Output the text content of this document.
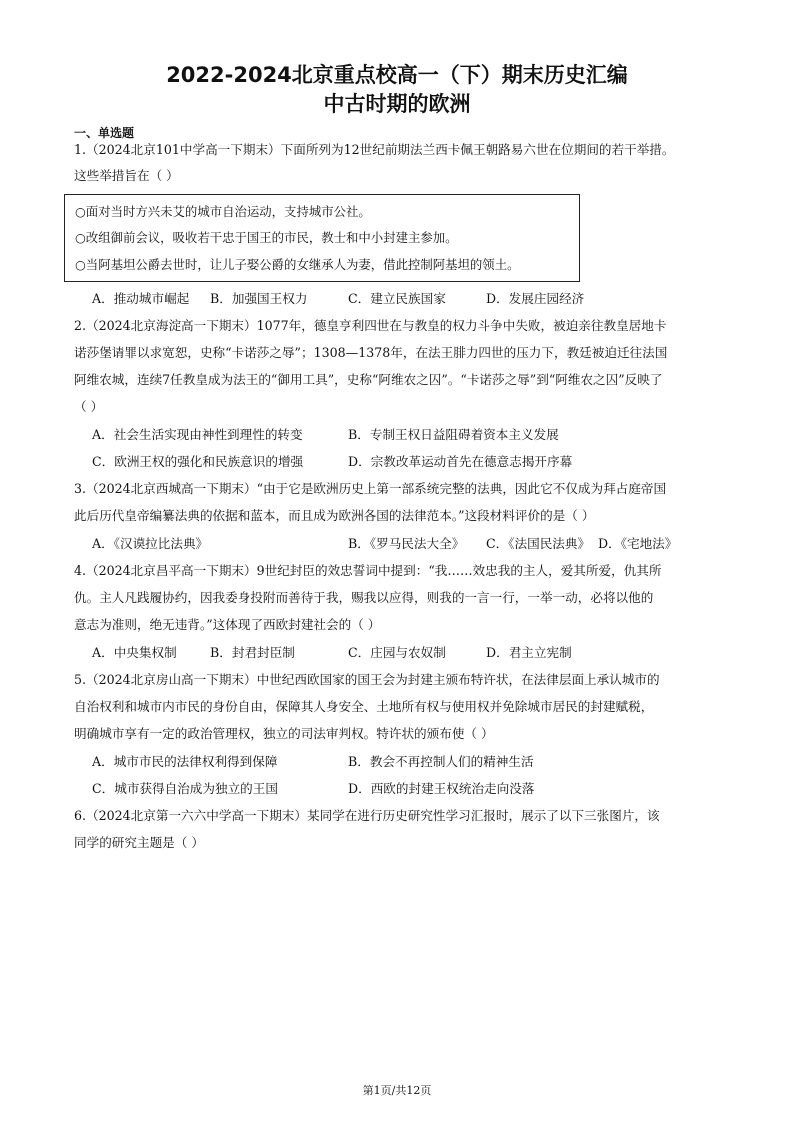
2022-2024北京重点校高一（下）期末历史汇编
中古时期的欧洲
一、单选题
1.（2024北京101中学高一下期末）下面所列为12世纪前期法兰西卡佩王朝路易六世在位期间的若干举措。
这些举措旨在（ ）
○面对当时方兴未艾的城市自治运动，支持城市公社。
○改组御前会议，吸收若干忠于国王的市民，教士和中小封建主参加。
○当阿基坦公爵去世时，让儿子娶公爵的女继承人为妻，借此控制阿基坦的领土。
A．推动城市崛起 B．加强国王权力	C．建立民族国家	D．发展庄园经济
2.（2024北京海淀高一下期末）1077年，德皇亨利四世在与教皇的权力斗争中失败，被迫亲往教皇居地卡
诺莎堡请罪以求宽恕，史称“卡诺莎之辱”；1308—1378年，在法王腓力四世的压力下，教廷被迫迁往法国
阿维农城，连续7任教皇成为法王的“御用工具”，史称“阿维农之囚”。“卡诺莎之辱”到“阿维农之囚”反映了
（ ）
A．社会生活实现由神性到理性的转变	B．专制王权日益阻碍着资本主义发展
C．欧洲王权的强化和民族意识的增强	D．宗教改革运动首先在德意志揭开序幕
3.（2024北京西城高一下期末）“由于它是欧洲历史上第一部系统完整的法典，因此它不仅成为拜占庭帝国
此后历代皇帝编纂法典的依据和蓝本，而且成为欧洲各国的法律范本。”这段材料评价的是（ ）
A．《汉谟拉比法典》	B．《罗马民法大全》 C．《法国民法典》 D．《宅地法》
4.（2024北京昌平高一下期末）9世纪封臣的效忠誓词中提到：“我……效忠我的主人，爱其所爱，仇其所
仇。主人凡践履协约，因我委身投附而善待于我，赐我以应得，则我的一言一行，一举一动，必将以他的
意志为准则，绝无违背。”这体现了西欧封建社会的（ ）
A．中央集权制	B．封君封臣制	C．庄园与农奴制	D．君主立宪制
5.（2024北京房山高一下期末）中世纪西欧国家的国王会为封建主颁布特许状，在法律层面上承认城市的
自治权利和城市内市民的身份自由，保障其人身安全、土地所有权与使用权并免除城市居民的封建赋税，
明确城市享有一定的政治管理权，独立的司法审判权。特许状的颁布使（ ）
A．城市市民的法律权利得到保障	B．教会不再控制人们的精神生活
C．城市获得自治成为独立的王国	D．西欧的封建王权统治走向没落
6.（2024北京第一六六中学高一下期末）某同学在进行历史研究性学习汇报时，展示了以下三张图片，该
同学的研究主题是（ ）
第1页/共12页
